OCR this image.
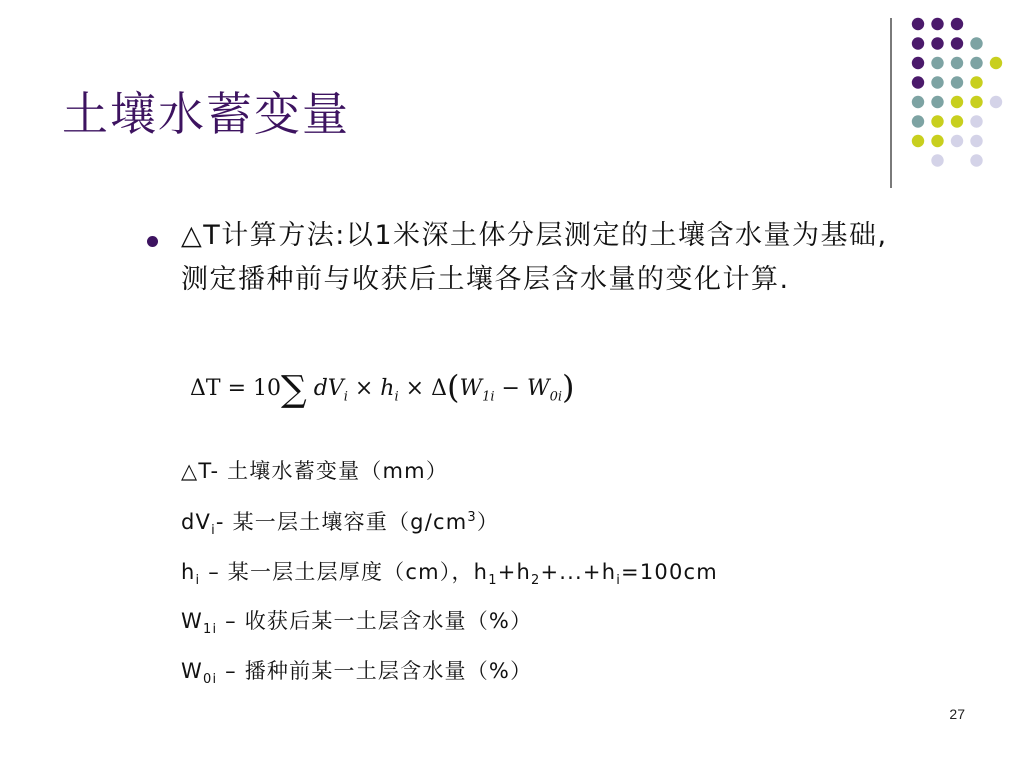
土壤水蓄变量
△T计算方法:以1米深土体分层测定的土壤含水量为基础, 测定播种前与收获后土壤各层含水量的变化计算.
ΔT = 10∑ $dV_i \times h_i \times \Delta(W_{1i} - W_{0i})$
△T- 土壤水蓄变量（mm）
$dV_i-$ 某一层土壤容重$(g/cm^3)$
$h_i$ – 某一层土层厚度（cm），$h_1+h_2+...+h_i=100cm$
$W_{1i}$ – 收获后某一土层含水量（%）
$W_{0i}$ – 播种前某一土层含水量（%）
27
